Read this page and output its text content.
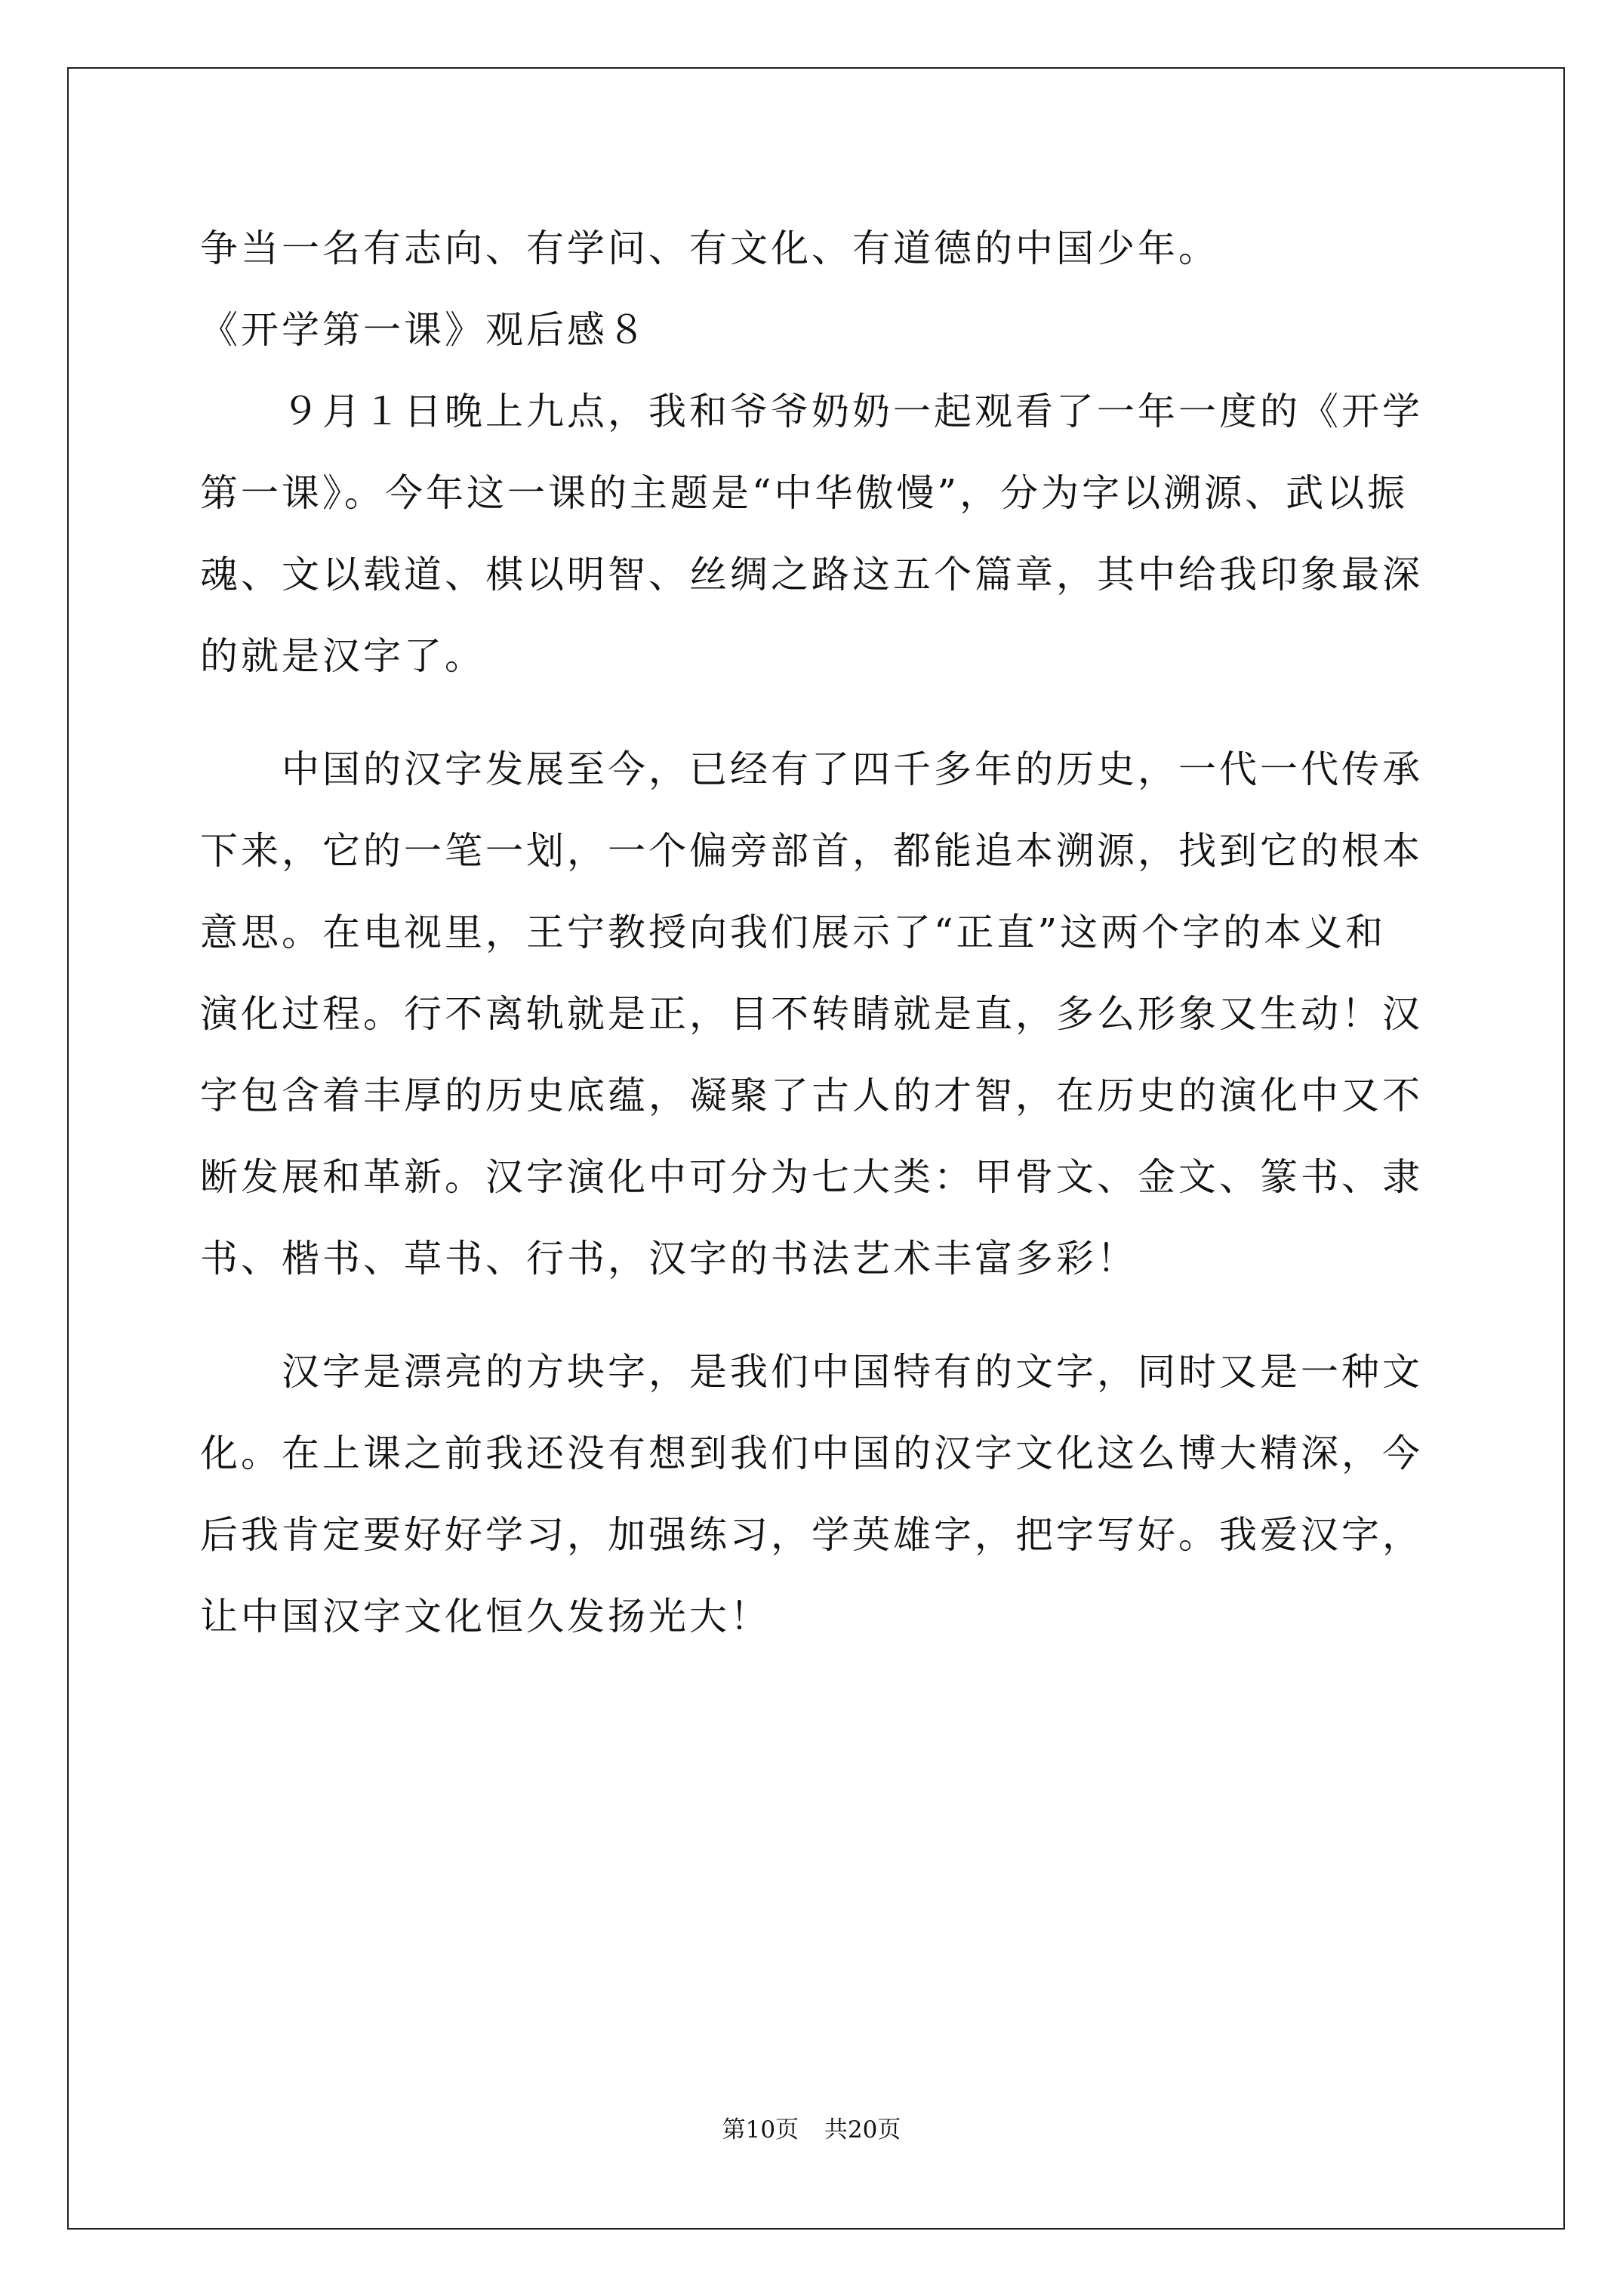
争当一名有志向、有学问、有文化、有道德的中国少年。
《开学第一课》观后感８
　　９月１日晚上九点，我和爷爷奶奶一起观看了一年一度的《开学
第一课》。今年这一课的主题是“中华傲慢”，分为字以溯源、武以振
魂、文以载道、棋以明智、丝绸之路这五个篇章，其中给我印象最深
的就是汉字了。
　　中国的汉字发展至今，已经有了四千多年的历史，一代一代传承
下来，它的一笔一划，一个偏旁部首，都能追本溯源，找到它的根本
意思。在电视里，王宁教授向我们展示了“正直”这两个字的本义和
演化过程。行不离轨就是正，目不转睛就是直，多么形象又生动！汉
字包含着丰厚的历史底蕴，凝聚了古人的才智，在历史的演化中又不
断发展和革新。汉字演化中可分为七大类：甲骨文、金文、篆书、隶
书、楷书、草书、行书，汉字的书法艺术丰富多彩！
　　汉字是漂亮的方块字，是我们中国特有的文字，同时又是一种文
化。在上课之前我还没有想到我们中国的汉字文化这么博大精深，今
后我肯定要好好学习，加强练习，学英雄字，把字写好。我爱汉字，
让中国汉字文化恒久发扬光大！
第10页 共20页
